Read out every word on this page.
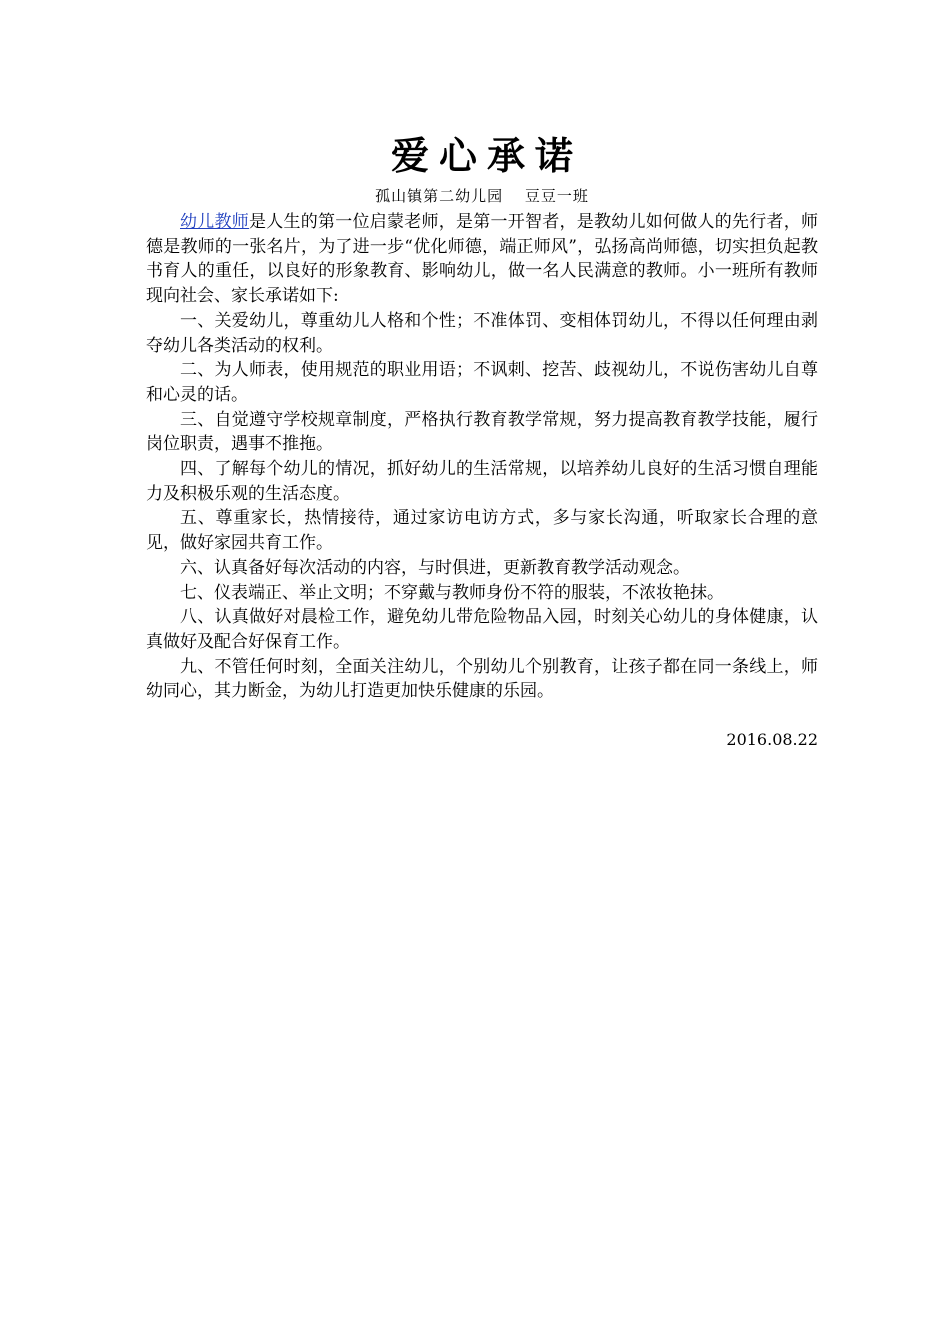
爱心承诺

孤山镇第二幼儿园　 豆豆一班

幼儿教师是人生的第一位启蒙老师，是第一开智者，是教幼儿如何做人的先行者，师德是教师的一张名片，为了进一步“优化师德，端正师风”，弘扬高尚师德，切实担负起教书育人的重任，以良好的形象教育、影响幼儿，做一名人民满意的教师。小一班所有教师现向社会、家长承诺如下:

一、关爱幼儿，尊重幼儿人格和个性；不准体罚、变相体罚幼儿，不得以任何理由剥夺幼儿各类活动的权利。

二、为人师表，使用规范的职业用语；不讽刺、挖苦、歧视幼儿，不说伤害幼儿自尊和心灵的话。

三、自觉遵守学校规章制度，严格执行教育教学常规，努力提高教育教学技能，履行岗位职责，遇事不推拖。

四、了解每个幼儿的情况，抓好幼儿的生活常规，以培养幼儿良好的生活习惯自理能力及积极乐观的生活态度。

五、尊重家长，热情接待，通过家访电访方式，多与家长沟通，听取家长合理的意见，做好家园共育工作。

六、认真备好每次活动的内容，与时俱进，更新教育教学活动观念。

七、仪表端正、举止文明；不穿戴与教师身份不符的服装，不浓妆艳抹。

八、认真做好对晨检工作，避免幼儿带危险物品入园，时刻关心幼儿的身体健康，认真做好及配合好保育工作。

九、不管任何时刻，全面关注幼儿，个别幼儿个别教育，让孩子都在同一条线上，师幼同心，其力断金，为幼儿打造更加快乐健康的乐园。

2016.08.22
